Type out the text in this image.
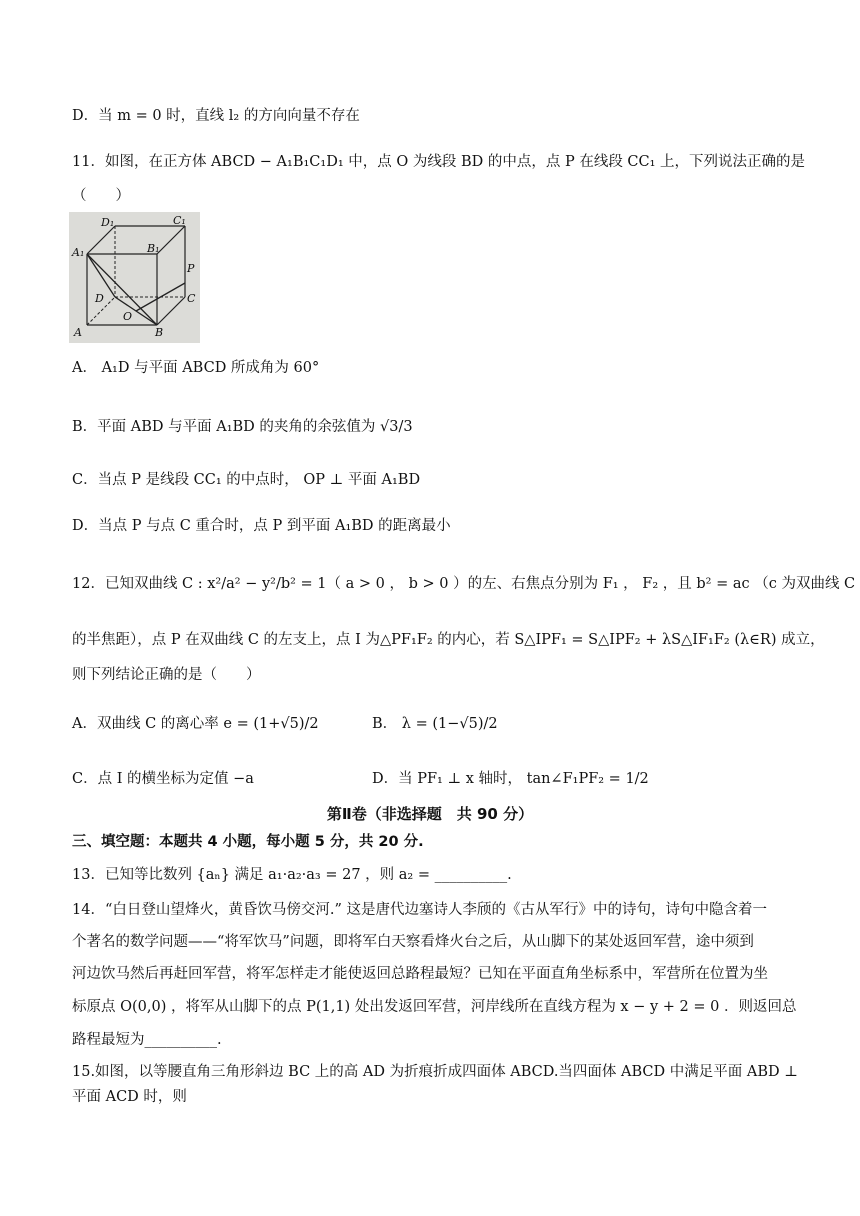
D．当 m = 0 时，直线 l₂ 的方向向量不存在
11．如图，在正方体 ABCD − A₁B₁C₁D₁ 中，点 O 为线段 BD 的中点，点 P 在线段 CC₁ 上，下列说法正确的是
（　　）
D₁	C₁
A₁	B₁
P
D	C
O
A	B
A． A₁D 与平面 ABCD 所成角为 60°
B．平面 ABD 与平面 A₁BD 的夹角的余弦值为 √3/3
C．当点 P 是线段 CC₁ 的中点时， OP ⊥ 平面 A₁BD
D．当点 P 与点 C 重合时，点 P 到平面 A₁BD 的距离最小
12．已知双曲线 C : x²/a² − y²/b² = 1（ a > 0 ， b > 0 ）的左、右焦点分别为 F₁ ， F₂ ，且 b² = ac （c 为双曲线 C
的半焦距），点 P 在双曲线 C 的左支上，点 I 为△PF₁F₂ 的内心，若 S△IPF₁ = S△IPF₂ + λS△IF₁F₂ (λ∈R) 成立，
则下列结论正确的是（　　）
A．双曲线 C 的离心率 e = (1+√5)/2	B． λ = (1−√5)/2
C．点 I 的横坐标为定值 −a	D．当 PF₁ ⊥ x 轴时， tan∠F₁PF₂ = 1/2
第Ⅱ卷（非选择题　共 90 分）
三、填空题：本题共 4 小题，每小题 5 分，共 20 分.
13．已知等比数列 {aₙ} 满足 a₁·a₂·a₃ = 27 ，则 a₂ = __________.
14．“白日登山望烽火，黄昏饮马傍交河.” 这是唐代边塞诗人李颀的《古从军行》中的诗句，诗句中隐含着一
个著名的数学问题——“将军饮马”问题，即将军白天察看烽火台之后，从山脚下的某处返回军营，途中须到
河边饮马然后再赶回军营，将军怎样走才能使返回总路程最短？已知在平面直角坐标系中，军营所在位置为坐
标原点 O(0,0) ，将军从山脚下的点 P(1,1) 处出发返回军营，河岸线所在直线方程为 x − y + 2 = 0 ．则返回总
路程最短为__________.
15.如图，以等腰直角三角形斜边 BC 上的高 AD 为折痕折成四面体 ABCD.当四面体 ABCD 中满足平面 ABD ⊥
平面 ACD 时，则
